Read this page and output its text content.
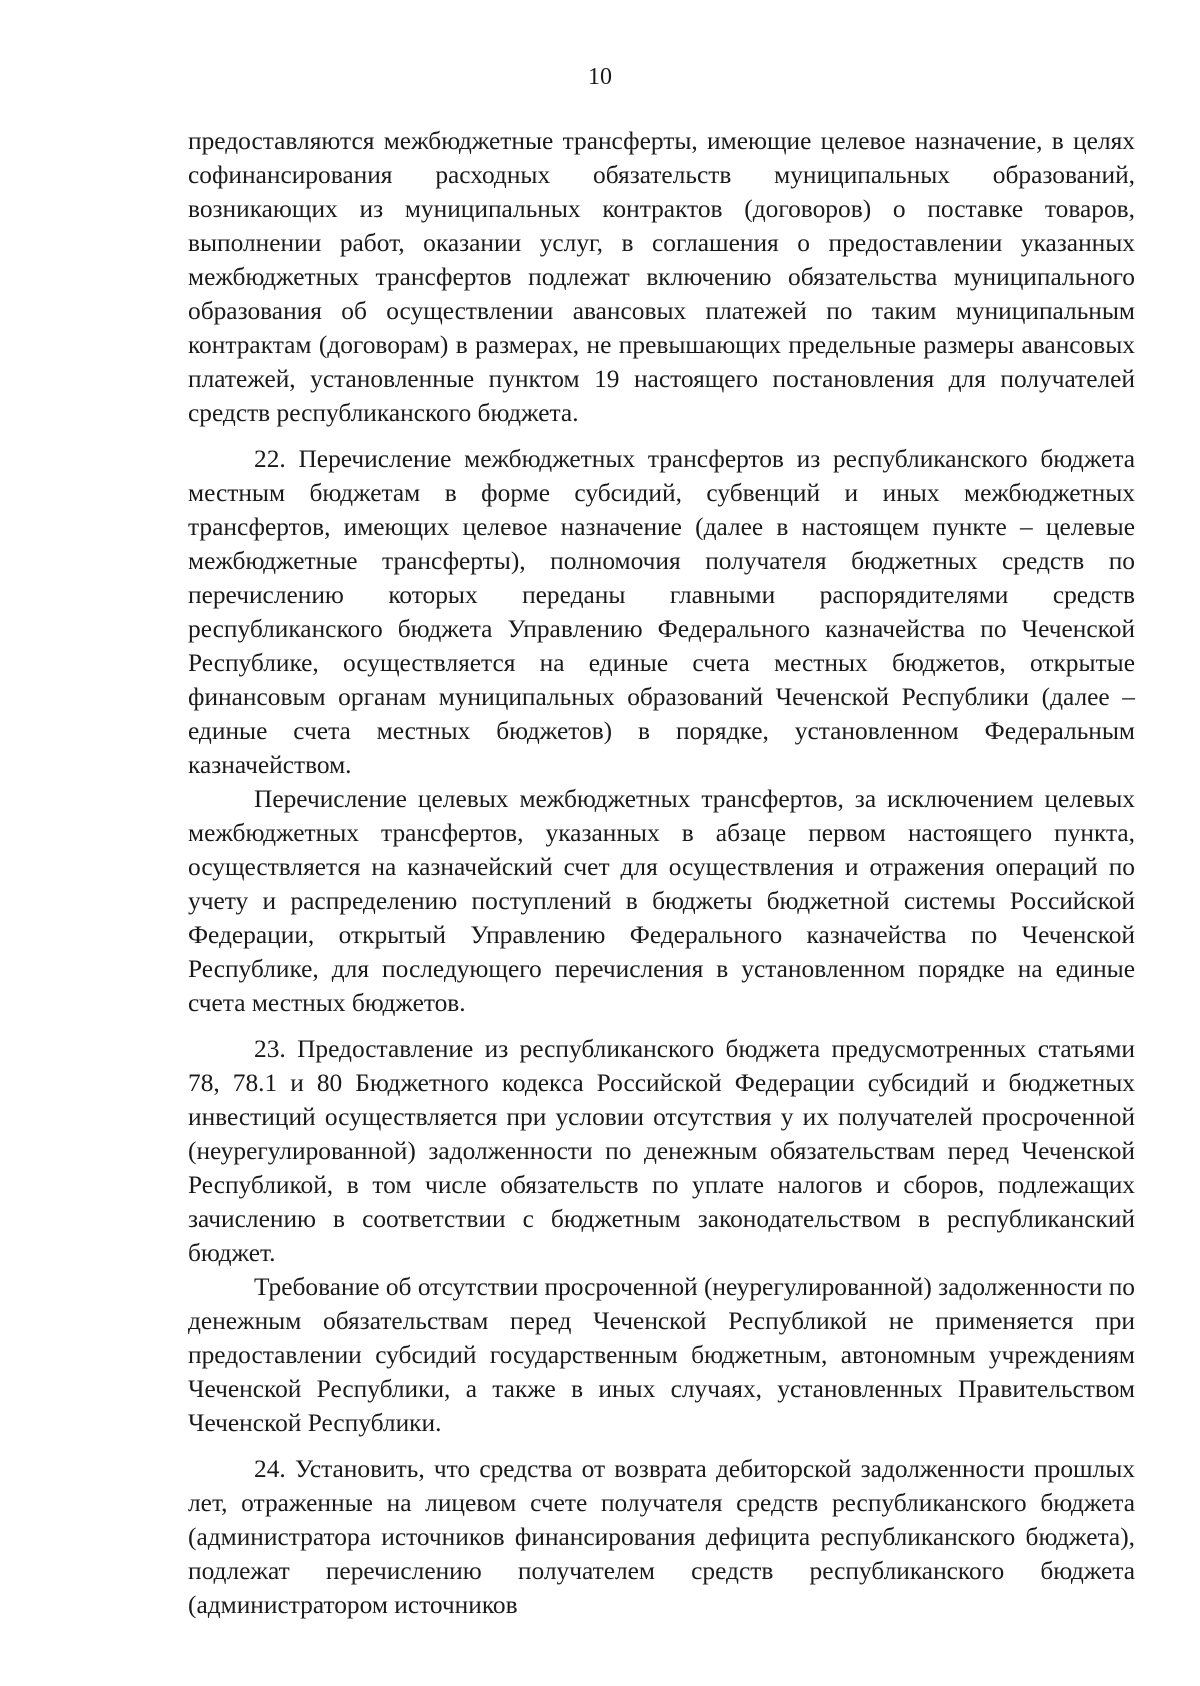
10

предоставляются межбюджетные трансферты, имеющие целевое назначение, в целях софинансирования расходных обязательств муниципальных образований, возникающих из муниципальных контрактов (договоров) о поставке товаров, выполнении работ, оказании услуг, в соглашения о предоставлении указанных межбюджетных трансфертов подлежат включению обязательства муниципального образования об осуществлении авансовых платежей по таким муниципальным контрактам (договорам) в размерах, не превышающих предельные размеры авансовых платежей, установленные пунктом 19 настоящего постановления для получателей средств республиканского бюджета.

22. Перечисление межбюджетных трансфертов из республиканского бюджета местным бюджетам в форме субсидий, субвенций и иных межбюджетных трансфертов, имеющих целевое назначение (далее в настоящем пункте – целевые межбюджетные трансферты), полномочия получателя бюджетных средств по перечислению которых переданы главными распорядителями средств республиканского бюджета Управлению Федерального казначейства по Чеченской Республике, осуществляется на единые счета местных бюджетов, открытые финансовым органам муниципальных образований Чеченской Республики (далее – единые счета местных бюджетов) в порядке, установленном Федеральным казначейством.

Перечисление целевых межбюджетных трансфертов, за исключением целевых межбюджетных трансфертов, указанных в абзаце первом настоящего пункта, осуществляется на казначейский счет для осуществления и отражения операций по учету и распределению поступлений в бюджеты бюджетной системы Российской Федерации, открытый Управлению Федерального казначейства по Чеченской Республике, для последующего перечисления в установленном порядке на единые счета местных бюджетов.

23. Предоставление из республиканского бюджета предусмотренных статьями 78, 78.1 и 80 Бюджетного кодекса Российской Федерации субсидий и бюджетных инвестиций осуществляется при условии отсутствия у их получателей просроченной (неурегулированной) задолженности по денежным обязательствам перед Чеченской Республикой, в том числе обязательств по уплате налогов и сборов, подлежащих зачислению в соответствии с бюджетным законодательством в республиканский бюджет.

Требование об отсутствии просроченной (неурегулированной) задолженности по денежным обязательствам перед Чеченской Республикой не применяется при предоставлении субсидий государственным бюджетным, автономным учреждениям Чеченской Республики, а также в иных случаях, установленных Правительством Чеченской Республики.

24. Установить, что средства от возврата дебиторской задолженности прошлых лет, отраженные на лицевом счете получателя средств республиканского бюджета (администратора источников финансирования дефицита республиканского бюджета), подлежат перечислению получателем средств республиканского бюджета (администратором источников
